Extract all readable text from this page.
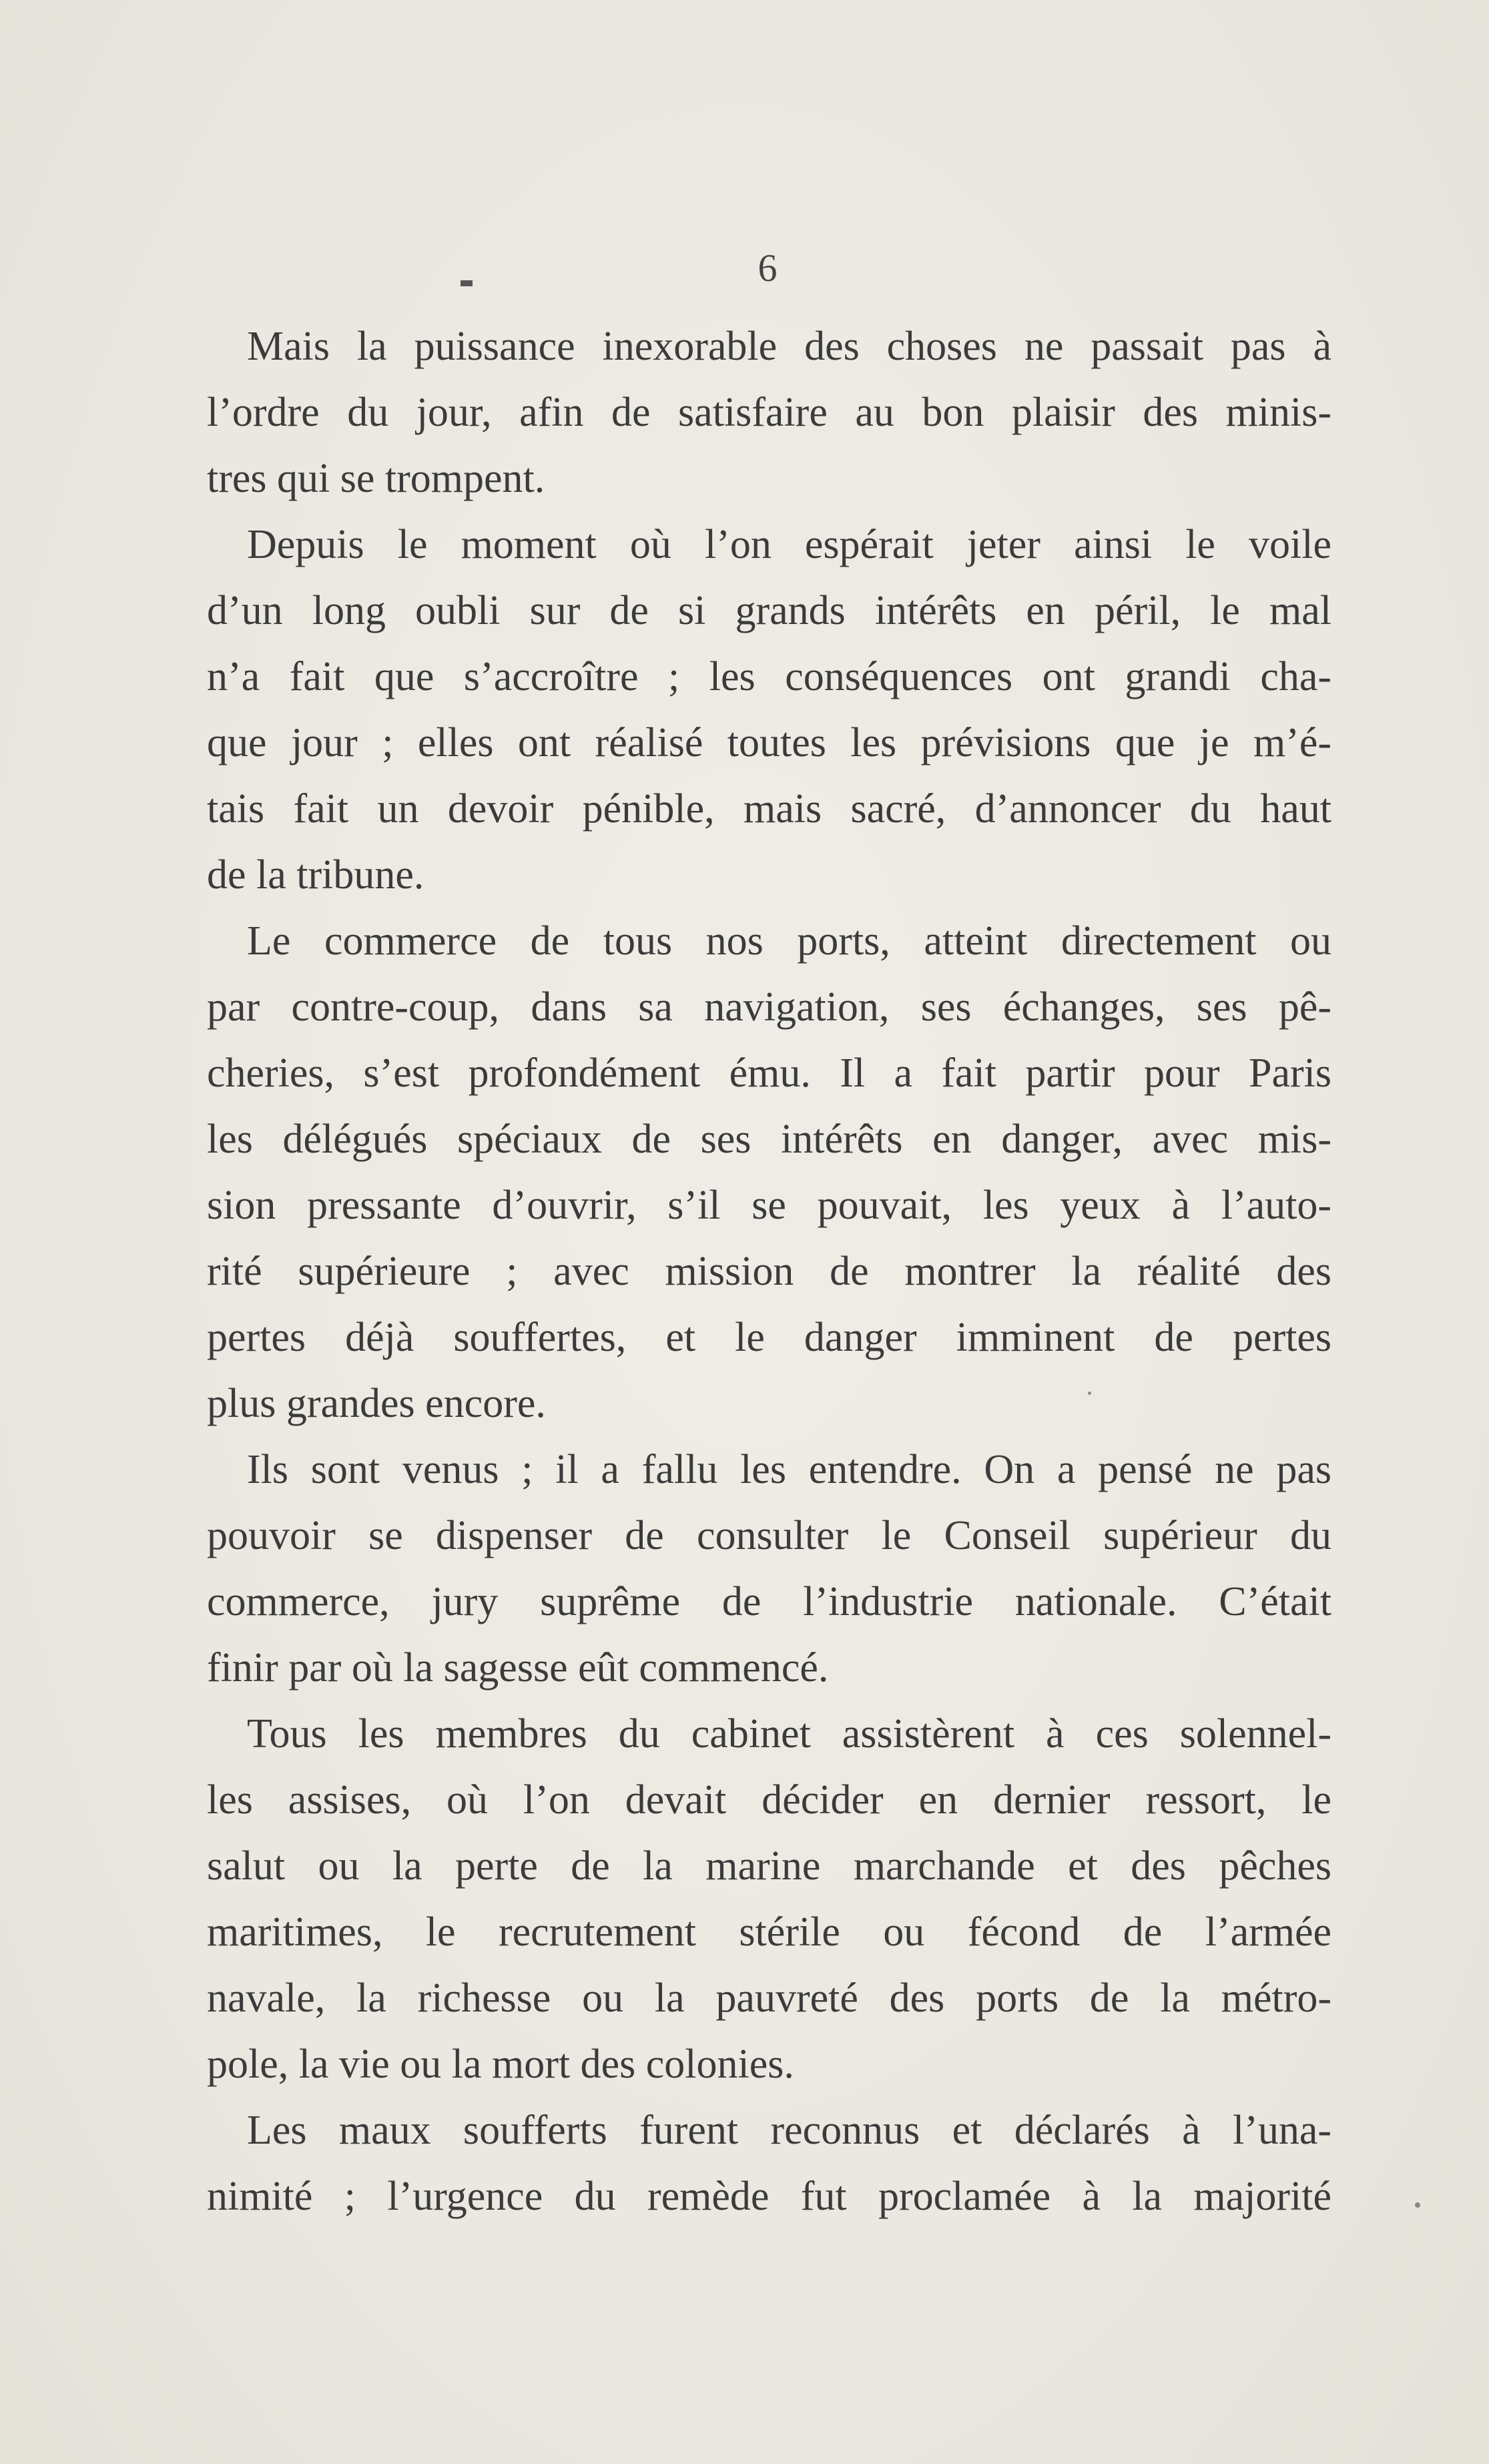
6
Mais la puissance inexorable des choses ne passait pas à
l’ordre du jour, afin de satisfaire au bon plaisir des minis-
tres qui se trompent.
Depuis le moment où l’on espérait jeter ainsi le voile
d’un long oubli sur de si grands intérêts en péril, le mal
n’a fait que s’accroître ; les conséquences ont grandi cha-
que jour ; elles ont réalisé toutes les prévisions que je m’é-
tais fait un devoir pénible, mais sacré, d’annoncer du haut
de la tribune.
Le commerce de tous nos ports, atteint directement ou
par contre-coup, dans sa navigation, ses échanges, ses pê-
cheries, s’est profondément ému. Il a fait partir pour Paris
les délégués spéciaux de ses intérêts en danger, avec mis-
sion pressante d’ouvrir, s’il se pouvait, les yeux à l’auto-
rité supérieure ; avec mission de montrer la réalité des
pertes déjà souffertes, et le danger imminent de pertes
plus grandes encore.
Ils sont venus ; il a fallu les entendre. On a pensé ne pas
pouvoir se dispenser de consulter le Conseil supérieur du
commerce, jury suprême de l’industrie nationale. C’était
finir par où la sagesse eût commencé.
Tous les membres du cabinet assistèrent à ces solennel-
les assises, où l’on devait décider en dernier ressort, le
salut ou la perte de la marine marchande et des pêches
maritimes, le recrutement stérile ou fécond de l’armée
navale, la richesse ou la pauvreté des ports de la métro-
pole, la vie ou la mort des colonies.
Les maux soufferts furent reconnus et déclarés à l’una-
nimité ; l’urgence du remède fut proclamée à la majorité
